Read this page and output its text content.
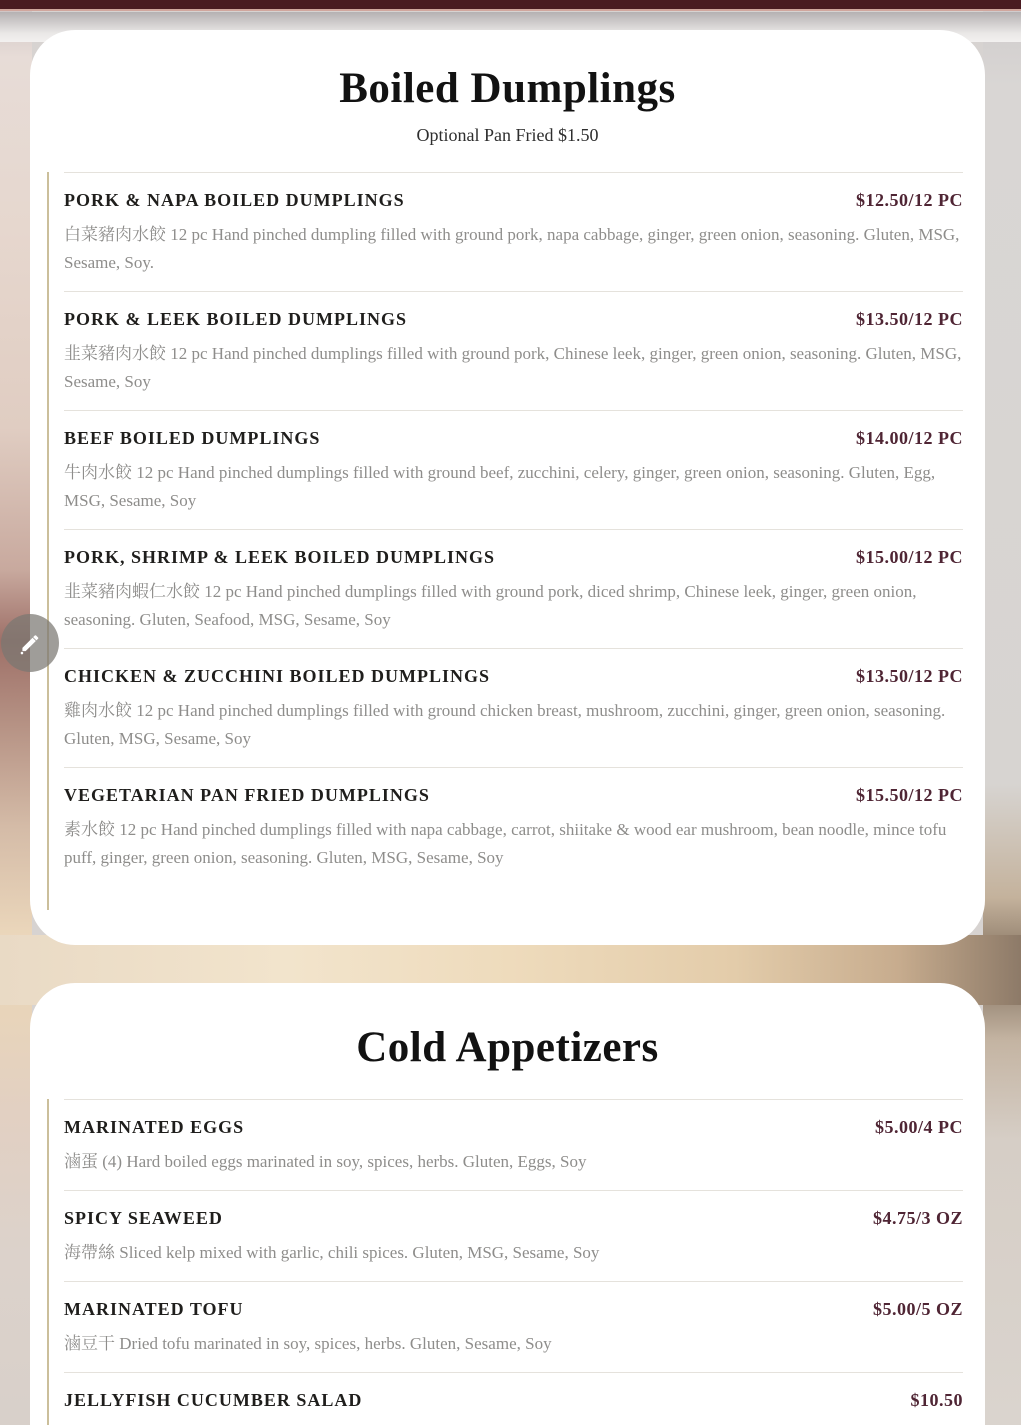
Boiled Dumplings

Optional Pan Fried $1.50

PORK & NAPA BOILED DUMPLINGS	$12.50/12 PC

白菜豬肉水餃 12 pc Hand pinched dumpling filled with ground pork, napa cabbage, ginger, green onion, seasoning. Gluten, MSG, Sesame, Soy.

PORK & LEEK BOILED DUMPLINGS	$13.50/12 PC

韭菜豬肉水餃 12 pc Hand pinched dumplings filled with ground pork, Chinese leek, ginger, green onion, seasoning. Gluten, MSG, Sesame, Soy

BEEF BOILED DUMPLINGS	$14.00/12 PC

牛肉水餃 12 pc Hand pinched dumplings filled with ground beef, zucchini, celery, ginger, green onion, seasoning. Gluten, Egg, MSG, Sesame, Soy

PORK, SHRIMP & LEEK BOILED DUMPLINGS	$15.00/12 PC

韭菜豬肉蝦仁水餃 12 pc Hand pinched dumplings filled with ground pork, diced shrimp, Chinese leek, ginger, green onion, seasoning. Gluten, Seafood, MSG, Sesame, Soy

CHICKEN & ZUCCHINI BOILED DUMPLINGS	$13.50/12 PC

雞肉水餃 12 pc Hand pinched dumplings filled with ground chicken breast, mushroom, zucchini, ginger, green onion, seasoning. Gluten, MSG, Sesame, Soy

VEGETARIAN PAN FRIED DUMPLINGS	$15.50/12 PC

素水餃 12 pc Hand pinched dumplings filled with napa cabbage, carrot, shiitake & wood ear mushroom, bean noodle, mince tofu puff, ginger, green onion, seasoning. Gluten, MSG, Sesame, Soy

Cold Appetizers
MARINATED EGGS	$5.00/4 PC

滷蛋 (4) Hard boiled eggs marinated in soy, spices, herbs. Gluten, Eggs, Soy

SPICY SEAWEED	$4.75/3 OZ

海帶絲 Sliced kelp mixed with garlic, chili spices. Gluten, MSG, Sesame, Soy

MARINATED TOFU	$5.00/5 OZ

滷豆干 Dried tofu marinated in soy, spices, herbs. Gluten, Sesame, Soy

JELLYFISH CUCUMBER SALAD	$10.50
